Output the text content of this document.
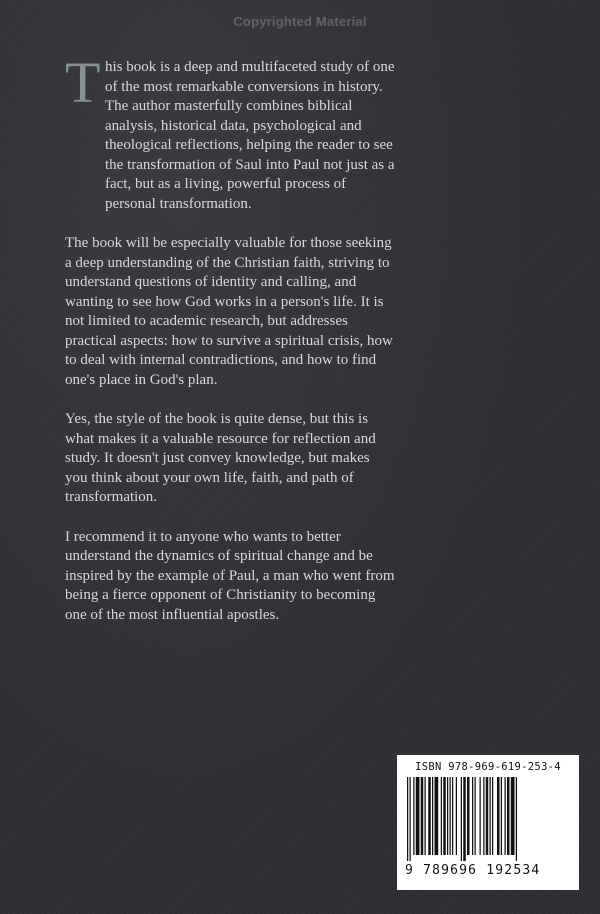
Copyrighted Material

T his book is a deep and multifaceted study of one of the most remarkable conversions in history. The author masterfully combines biblical analysis, historical data, psychological and theological reflections, helping the reader to see the transformation of Saul into Paul not just as a fact, but as a living, powerful process of personal transformation.

The book will be especially valuable for those seeking a deep understanding of the Christian faith, striving to understand questions of identity and calling, and wanting to see how God works in a person's life. It is not limited to academic research, but addresses practical aspects: how to survive a spiritual crisis, how to deal with internal contradictions, and how to find one's place in God's plan.

Yes, the style of the book is quite dense, but this is what makes it a valuable resource for reflection and study. It doesn't just convey knowledge, but makes you think about your own life, faith, and path of transformation.

I recommend it to anyone who wants to better understand the dynamics of spiritual change and be inspired by the example of Paul, a man who went from being a fierce opponent of Christianity to becoming one of the most influential apostles.

ISBN 978-969-619-253-4
9 789696 192534
